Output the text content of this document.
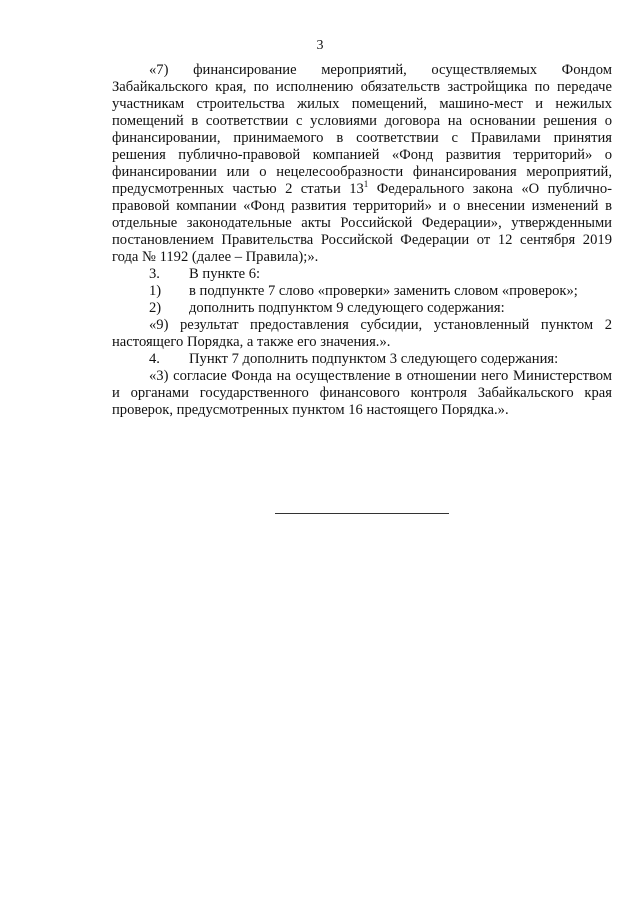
3

«7) финансирование мероприятий, осуществляемых Фондом Забайкальского края, по исполнению обязательств застройщика по передаче участникам строительства жилых помещений, машино-мест и нежилых помещений в соответствии с условиями договора на основании решения о финансировании, принимаемого в соответствии с Правилами принятия решения публично-правовой компанией «Фонд развития территорий» о финансировании или о нецелесообразности финансирования мероприятий, предусмотренных частью 2 статьи $13^1$ Федерального закона «О публично-правовой компании «Фонд развития территорий» и о внесении изменений в отдельные законодательные акты Российской Федерации», утвержденными постановлением Правительства Российской Федерации от 12 сентября 2019 года № 1192 (далее – Правила);».

3.	В пункте 6:

1)	в подпункте 7 слово «проверки» заменить словом «проверок»;

2)	дополнить подпунктом 9 следующего содержания:

«9) результат предоставления субсидии, установленный пунктом 2 настоящего Порядка, а также его значения.».

4.	Пункт 7 дополнить подпунктом 3 следующего содержания:

«3) согласие Фонда на осуществление в отношении него Министерством и органами государственного финансового контроля Забайкальского края проверок, предусмотренных пунктом 16 настоящего Порядка.».
